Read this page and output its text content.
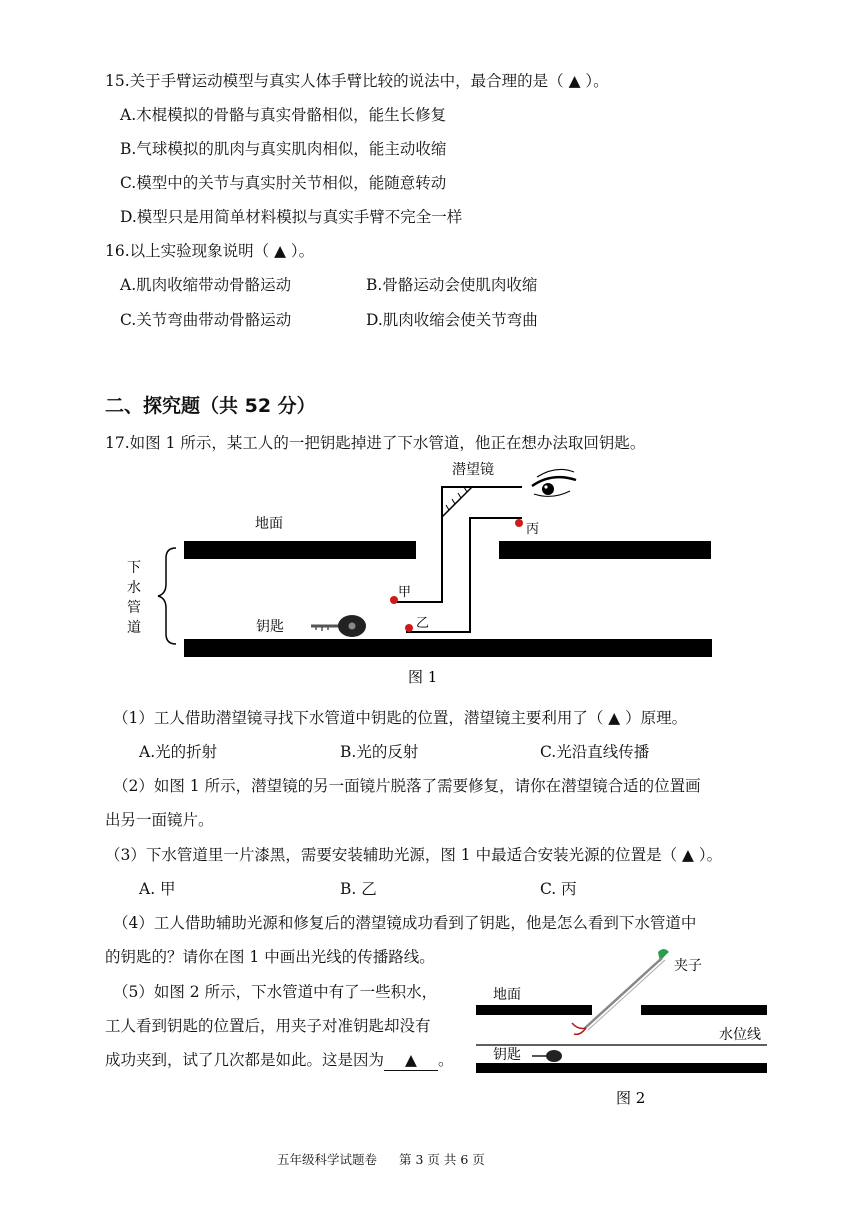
15.关于手臂运动模型与真实人体手臂比较的说法中，最合理的是（ ▲ ）。
A.木棍模拟的骨骼与真实骨骼相似，能生长修复
B.气球模拟的肌肉与真实肌肉相似，能主动收缩
C.模型中的关节与真实肘关节相似，能随意转动
D.模型只是用简单材料模拟与真实手臂不完全一样
16.以上实验现象说明（ ▲ ）。
A.肌肉收缩带动骨骼运动	B.骨骼运动会使肌肉收缩
C.关节弯曲带动骨骼运动	D.肌肉收缩会使关节弯曲
二、探究题（共 52 分）
17.如图 1 所示，某工人的一把钥匙掉进了下水管道，他正在想办法取回钥匙。
潜望镜
地面
下
水
管
道	钥匙
甲
乙
丙
图 1
（1）工人借助潜望镜寻找下水管道中钥匙的位置，潜望镜主要利用了（ ▲ ）原理。
A.光的折射	B.光的反射	C.光沿直线传播
（2）如图 1 所示，潜望镜的另一面镜片脱落了需要修复，请你在潜望镜合适的位置画
出另一面镜片。
（3）下水管道里一片漆黑，需要安装辅助光源，图 1 中最适合安装光源的位置是（ ▲ ）。
A. 甲	B. 乙	C. 丙
（4）工人借助辅助光源和修复后的潜望镜成功看到了钥匙，他是怎么看到下水管道中
的钥匙的？请你在图 1 中画出光线的传播路线。
（5）如图 2 所示，下水管道中有了一些积水，
工人看到钥匙的位置后，用夹子对准钥匙却没有
成功夹到，试了几次都是如此。这是因为 ▲ 。
夹子
地面
水位线
钥匙
图 2
五年级科学试题卷 第 3 页 共 6 页
